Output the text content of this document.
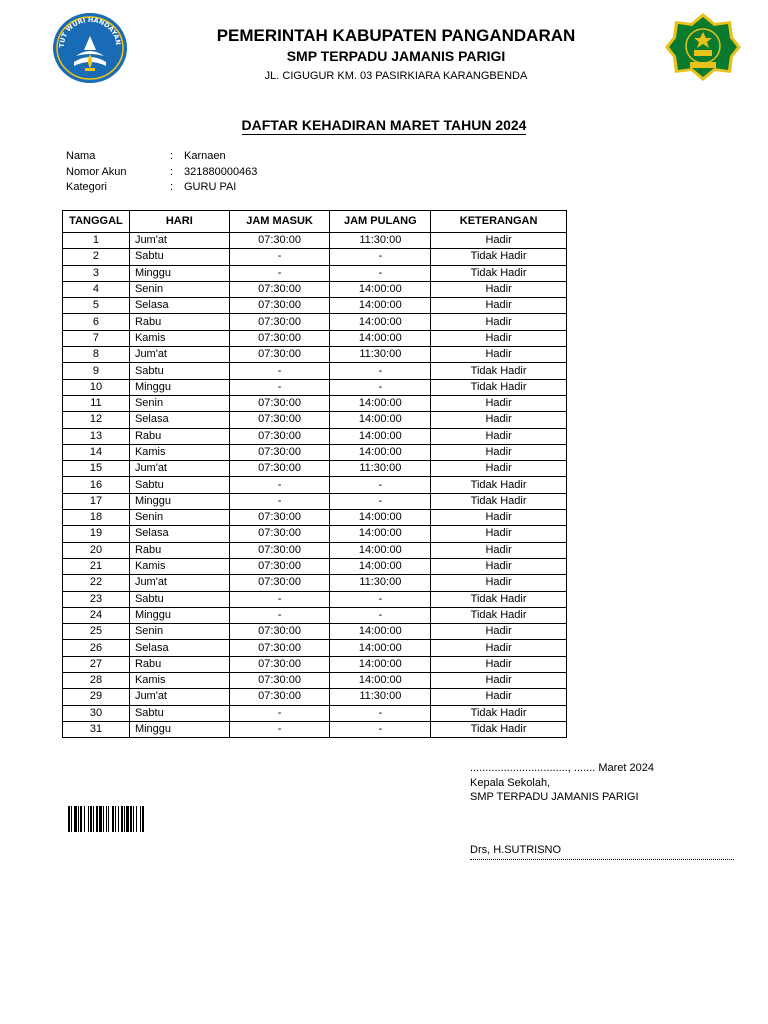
TUT WURI HANDAYAN	PEMERINTAH KABUPATEN PANGANDARAN
SMP TERPADU JAMANIS PARIGI
JL. CIGUGUR KM. 03 PASIRKIARA KARANGBENDA
DAFTAR KEHADIRAN MARET TAHUN 2024
Nama	: Karnaen
Nomor Akun	: 321880000463
Kategori	: GURU PAI
TANGGAL	HARI	JAM MASUK	JAM PULANG	KETERANGAN
1	Jum'at	07:30:00	11:30:00	Hadir
2	Sabtu	-	-	Tidak Hadir
3	Minggu	-	-	Tidak Hadir
4	Senin	07:30:00	14:00:00	Hadir
5	Selasa	07:30:00	14:00:00	Hadir
6	Rabu	07:30:00	14:00:00	Hadir
7	Kamis	07:30:00	14:00:00	Hadir
8	Jum'at	07:30:00	11:30:00	Hadir
9	Sabtu	-	-	Tidak Hadir
10	Minggu	-	-	Tidak Hadir
11	Senin	07:30:00	14:00:00	Hadir
12	Selasa	07:30:00	14:00:00	Hadir
13	Rabu	07:30:00	14:00:00	Hadir
14	Kamis	07:30:00	14:00:00	Hadir
15	Jum'at	07:30:00	11:30:00	Hadir
16	Sabtu	-	-	Tidak Hadir
17	Minggu	-	-	Tidak Hadir
18	Senin	07:30:00	14:00:00	Hadir
19	Selasa	07:30:00	14:00:00	Hadir
20	Rabu	07:30:00	14:00:00	Hadir
21	Kamis	07:30:00	14:00:00	Hadir
22	Jum'at	07:30:00	11:30:00	Hadir
23	Sabtu	-	-	Tidak Hadir
24	Minggu	-	-	Tidak Hadir
25	Senin	07:30:00	14:00:00	Hadir
26	Selasa	07:30:00	14:00:00	Hadir
27	Rabu	07:30:00	14:00:00	Hadir
28	Kamis	07:30:00	14:00:00	Hadir
29	Jum'at	07:30:00	11:30:00	Hadir
30	Sabtu	-	-	Tidak Hadir
31	Minggu	-	-	Tidak Hadir
................................, ....... Maret 2024
Kepala Sekolah,
SMP TERPADU JAMANIS PARIGI
Drs, H.SUTRISNO
